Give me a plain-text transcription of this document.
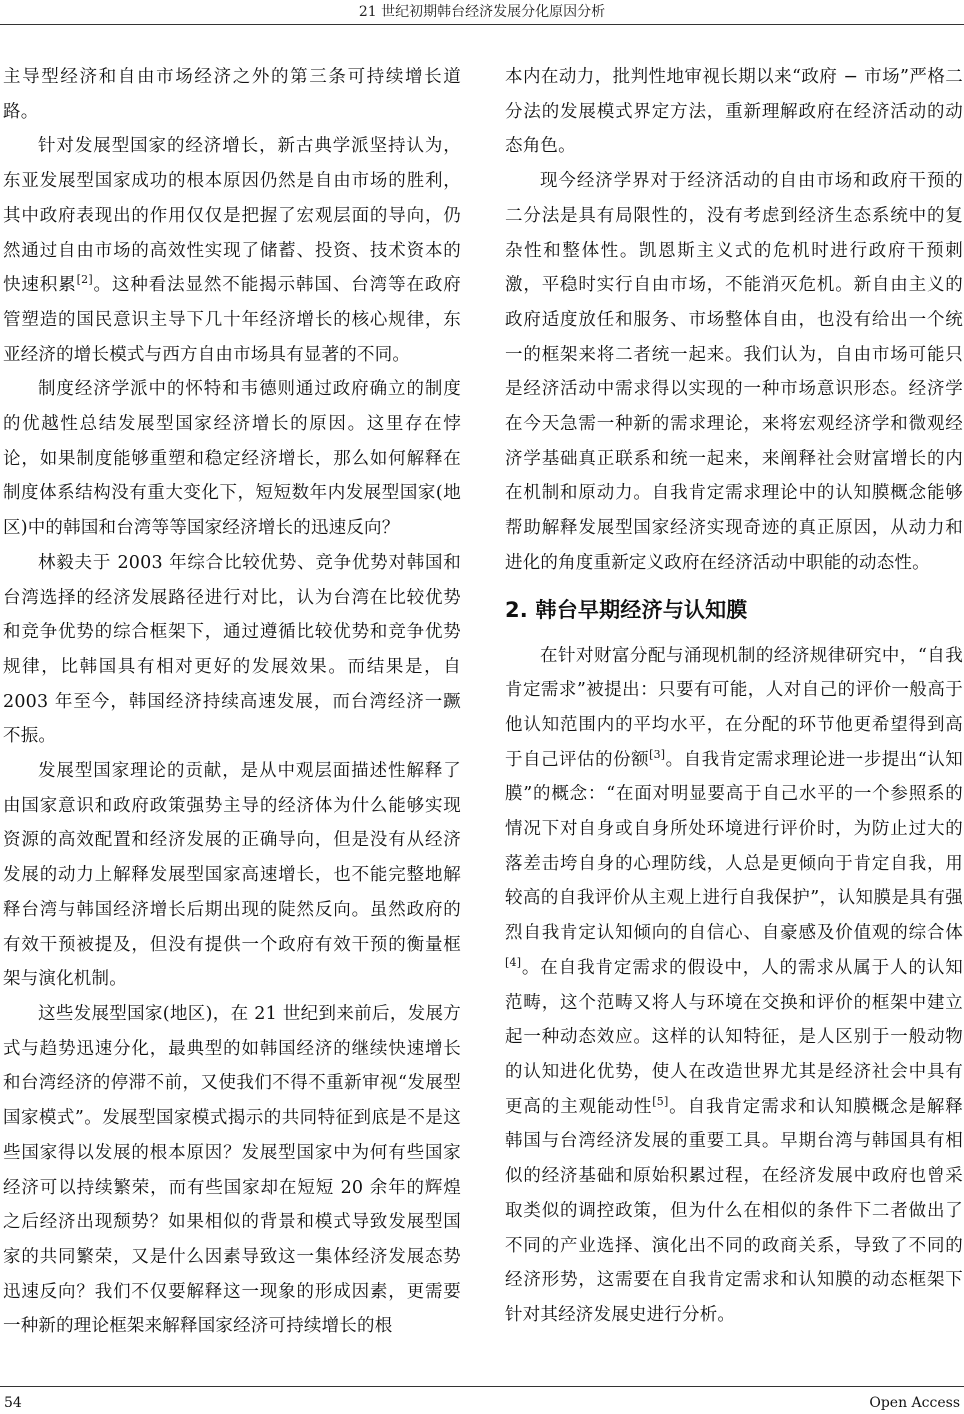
21 世纪初期韩台经济发展分化原因分析

主导型经济和自由市场经济之外的第三条可持续增长道路。

针对发展型国家的经济增长，新古典学派坚持认为，东亚发展型国家成功的根本原因仍然是自由市场的胜利，其中政府表现出的作用仅仅是把握了宏观层面的导向，仍然通过自由市场的高效性实现了储蓄、投资、技术资本的快速积累[2]。这种看法显然不能揭示韩国、台湾等在政府管塑造的国民意识主导下几十年经济增长的核心规律，东亚经济的增长模式与西方自由市场具有显著的不同。

制度经济学派中的怀特和韦德则通过政府确立的制度的优越性总结发展型国家经济增长的原因。这里存在悖论，如果制度能够重塑和稳定经济增长，那么如何解释在制度体系结构没有重大变化下，短短数年内发展型国家(地区)中的韩国和台湾等等国家经济增长的迅速反向？

林毅夫于 2003 年综合比较优势、竞争优势对韩国和台湾选择的经济发展路径进行对比，认为台湾在比较优势和竞争优势的综合框架下，通过遵循比较优势和竞争优势规律，比韩国具有相对更好的发展效果。而结果是，自 2003 年至今，韩国经济持续高速发展，而台湾经济一蹶不振。

发展型国家理论的贡献，是从中观层面描述性解释了由国家意识和政府政策强势主导的经济体为什么能够实现资源的高效配置和经济发展的正确导向，但是没有从经济发展的动力上解释发展型国家高速增长，也不能完整地解释台湾与韩国经济增长后期出现的陡然反向。虽然政府的有效干预被提及，但没有提供一个政府有效干预的衡量框架与演化机制。

这些发展型国家(地区)，在 21 世纪到来前后，发展方式与趋势迅速分化，最典型的如韩国经济的继续快速增长和台湾经济的停滞不前，又使我们不得不重新审视“发展型国家模式”。发展型国家模式揭示的共同特征到底是不是这些国家得以发展的根本原因？发展型国家中为何有些国家经济可以持续繁荣，而有些国家却在短短 20 余年的辉煌之后经济出现颓势？如果相似的背景和模式导致发展型国家的共同繁荣，又是什么因素导致这一集体经济发展态势迅速反向？我们不仅要解释这一现象的形成因素，更需要一种新的理论框架来解释国家经济可持续增长的根

本内在动力，批判性地审视长期以来“政府 − 市场”严格二分法的发展模式界定方法，重新理解政府在经济活动的动态角色。

现今经济学界对于经济活动的自由市场和政府干预的二分法是具有局限性的，没有考虑到经济生态系统中的复杂性和整体性。凯恩斯主义式的危机时进行政府干预刺激，平稳时实行自由市场，不能消灭危机。新自由主义的政府适度放任和服务、市场整体自由，也没有给出一个统一的框架来将二者统一起来。我们认为，自由市场可能只是经济活动中需求得以实现的一种市场意识形态。经济学在今天急需一种新的需求理论，来将宏观经济学和微观经济学基础真正联系和统一起来，来阐释社会财富增长的内在机制和原动力。自我肯定需求理论中的认知膜概念能够帮助解释发展型国家经济实现奇迹的真正原因，从动力和进化的角度重新定义政府在经济活动中职能的动态性。

2. 韩台早期经济与认知膜

在针对财富分配与涌现机制的经济规律研究中，“自我肯定需求”被提出：只要有可能，人对自己的评价一般高于他认知范围内的平均水平，在分配的环节他更希望得到高于自己评估的份额[3]。自我肯定需求理论进一步提出“认知膜”的概念：“在面对明显要高于自己水平的一个参照系的情况下对自身或自身所处环境进行评价时，为防止过大的落差击垮自身的心理防线，人总是更倾向于肯定自我，用较高的自我评价从主观上进行自我保护”，认知膜是具有强烈自我肯定认知倾向的自信心、自豪感及价值观的综合体[4]。在自我肯定需求的假设中，人的需求从属于人的认知范畴，这个范畴又将人与环境在交换和评价的框架中建立起一种动态效应。这样的认知特征，是人区别于一般动物的认知进化优势，使人在改造世界尤其是经济社会中具有更高的主观能动性[5]。自我肯定需求和认知膜概念是解释韩国与台湾经济发展的重要工具。早期台湾与韩国具有相似的经济基础和原始积累过程，在经济发展中政府也曾采取类似的调控政策，但为什么在相似的条件下二者做出了不同的产业选择、演化出不同的政商关系，导致了不同的经济形势，这需要在自我肯定需求和认知膜的动态框架下针对其经济发展史进行分析。

54	Open Access
